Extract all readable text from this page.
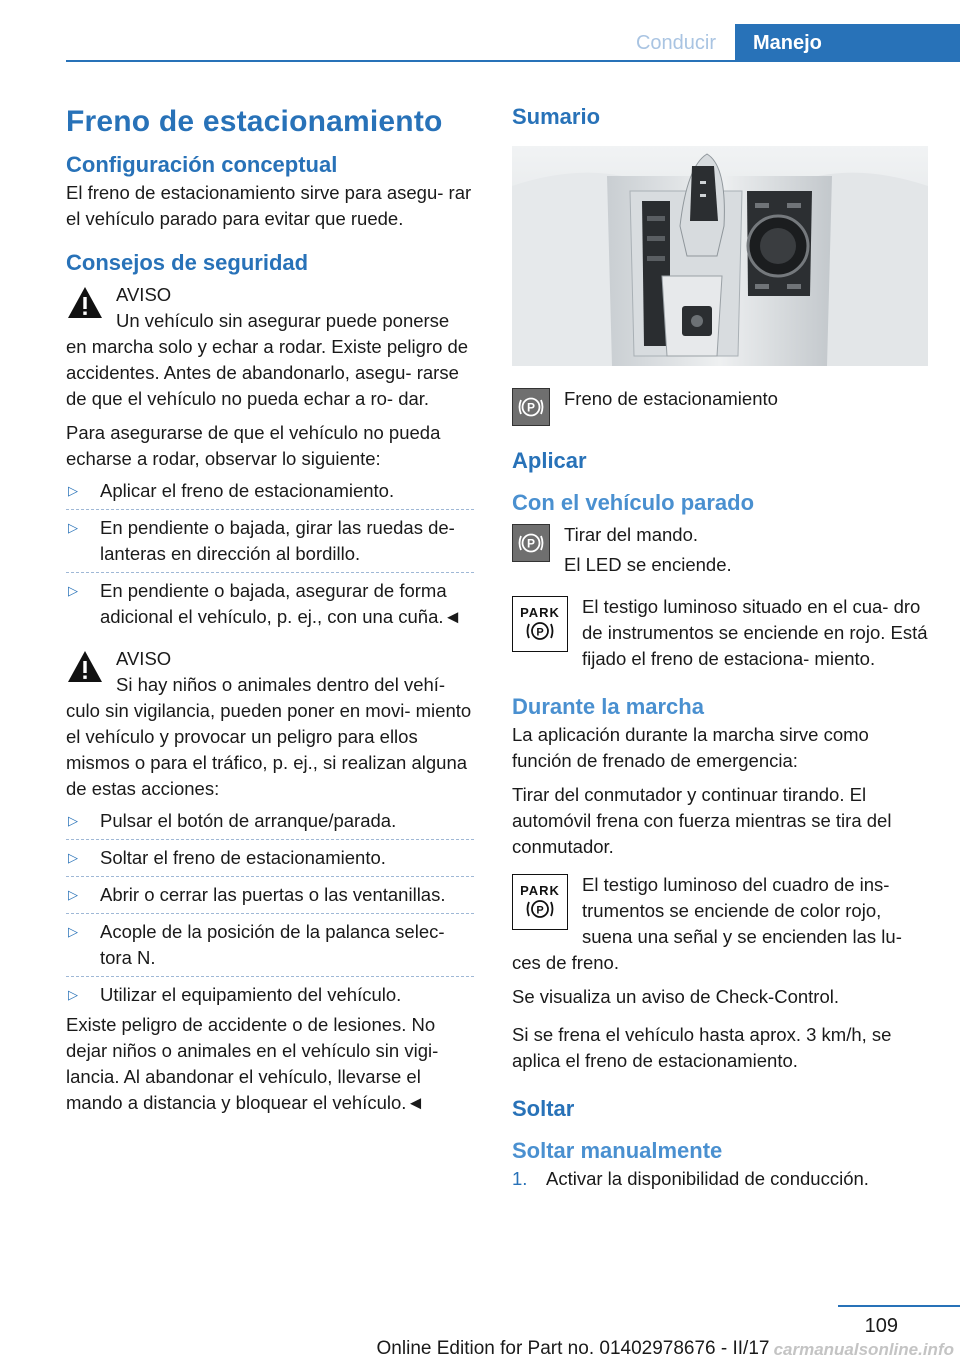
Conducir	Manejo
Freno de estacionamiento
Configuración conceptual

El freno de estacionamiento sirve para asegu- rar el vehículo parado para evitar que ruede.

Consejos de seguridad
AVISO
Un vehículo sin asegurar puede ponerse en marcha solo y echar a rodar. Existe peligro de accidentes. Antes de abandonarlo, asegu- rarse de que el vehículo no pueda echar a ro- dar.

Para asegurarse de que el vehículo no pueda echarse a rodar, observar lo siguiente:

▷ Aplicar el freno de estacionamiento.
▷ En pendiente o bajada, girar las ruedas de- lanteras en dirección al bordillo.
▷ En pendiente o bajada, asegurar de forma adicional el vehículo, p. ej., con una cuña.◄
AVISO
Si hay niños o animales dentro del vehí- culo sin vigilancia, pueden poner en movi- miento el vehículo y provocar un peligro para ellos mismos o para el tráfico, p. ej., si realizan alguna de estas acciones:
▷ Pulsar el botón de arranque/parada.
▷ Soltar el freno de estacionamiento.
▷ Abrir o cerrar las puertas o las ventanillas.
▷ Acople de la posición de la palanca selec- tora N.
▷ Utilizar el equipamiento del vehículo.

Existe peligro de accidente o de lesiones. No dejar niños o animales en el vehículo sin vigi- lancia. Al abandonar el vehículo, llevarse el mando a distancia y bloquear el vehículo.◄

Sumario
P Freno de estacionamiento
Aplicar
Con el vehículo parado
P	Tirar del mando.

El LED se enciende.

PARK
P
El testigo luminoso situado en el cua- dro de instrumentos se enciende en rojo. Está fijado el freno de estaciona- miento.
Durante la marcha

La aplicación durante la marcha sirve como función de frenado de emergencia:

Tirar del conmutador y continuar tirando. El automóvil frena con fuerza mientras se tira del conmutador.

PARK
P
El testigo luminoso del cuadro de ins- trumentos se enciende de color rojo, suena una señal y se encienden las lu- ces de freno.

Se visualiza un aviso de Check-Control.

Si se frena el vehículo hasta aprox. 3 km/h, se aplica el freno de estacionamiento.

Soltar
Soltar manualmente
1. Activar la disponibilidad de conducción.
109
Online Edition for Part no. 01402978676 - II/17 carmanualsonline.info
